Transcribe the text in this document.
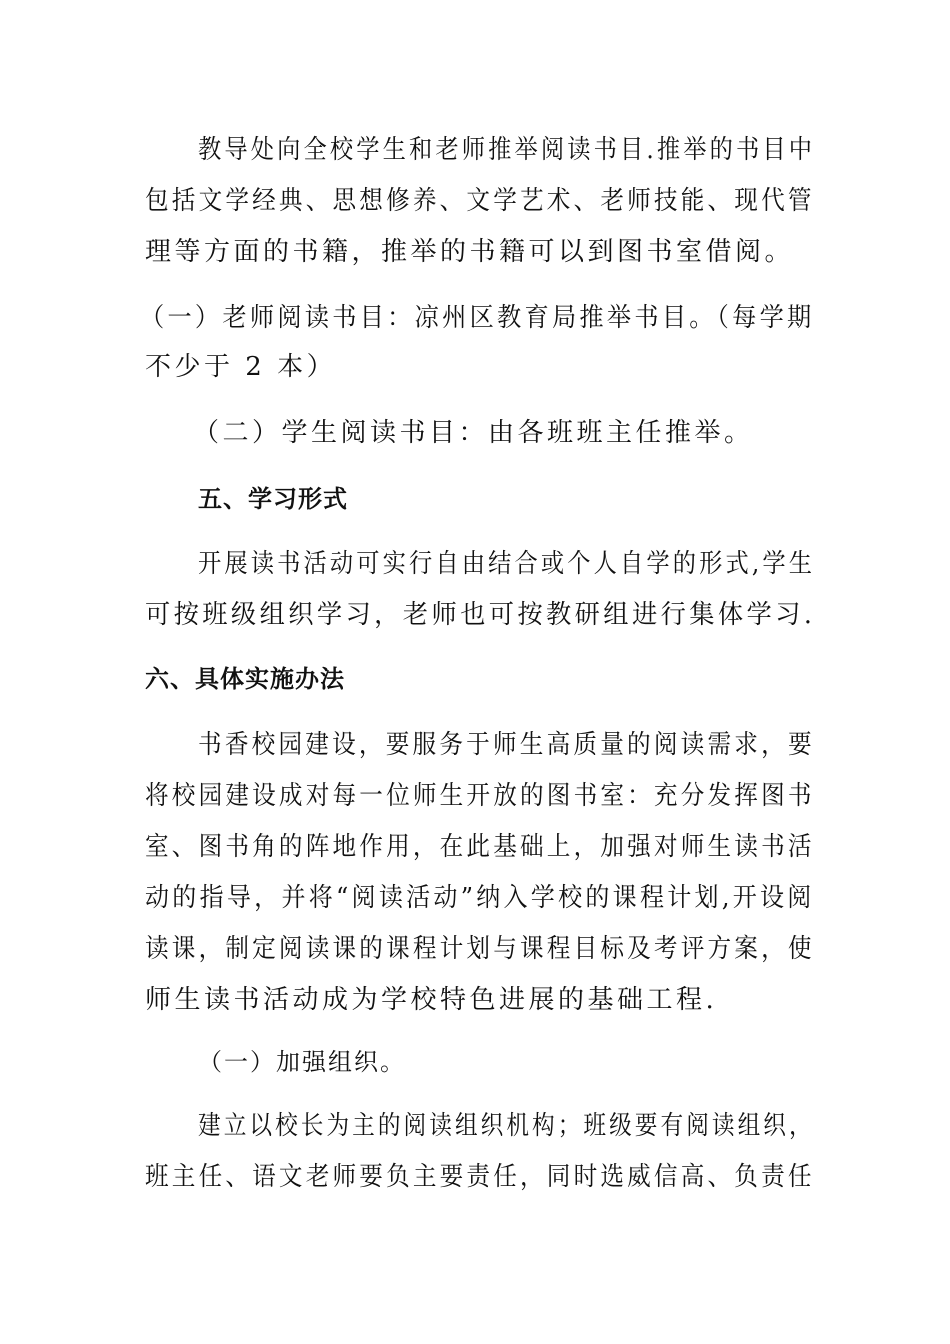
教导处向全校学生和老师推举阅读书目.推举的书目中
包括文学经典、思想修养、文学艺术、老师技能、现代管
理等方面的书籍，推举的书籍可以到图书室借阅。
（一）老师阅读书目：凉州区教育局推举书目。（每学期
不少于 2 本）
（二）学生阅读书目：由各班班主任推举。
五、学习形式
开展读书活动可实行自由结合或个人自学的形式,学生
可按班级组织学习，老师也可按教研组进行集体学习.
六、具体实施办法
书香校园建设，要服务于师生高质量的阅读需求，要
将校园建设成对每一位师生开放的图书室：充分发挥图书
室、图书角的阵地作用，在此基础上，加强对师生读书活
动的指导，并将“阅读活动”纳入学校的课程计划,开设阅
读课，制定阅读课的课程计划与课程目标及考评方案，使
师生读书活动成为学校特色进展的基础工程.
（一）加强组织。
建立以校长为主的阅读组织机构；班级要有阅读组织，
班主任、语文老师要负主要责任，同时选威信高、负责任
